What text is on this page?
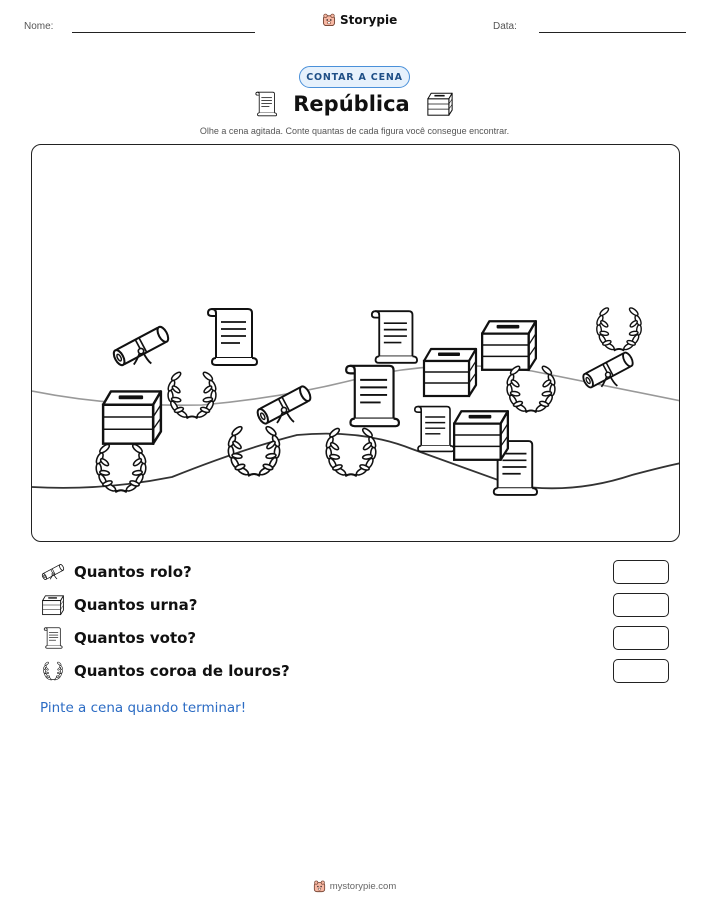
Nome:	Storypie	Data:
CONTAR A CENA
República
Olhe a cena agitada. Conte quantas de cada figura você consegue encontrar.
Quantos rolo?
Quantos urna?
Quantos voto?
Quantos coroa de louros?
Pinte a cena quando terminar!
mystorypie.com
